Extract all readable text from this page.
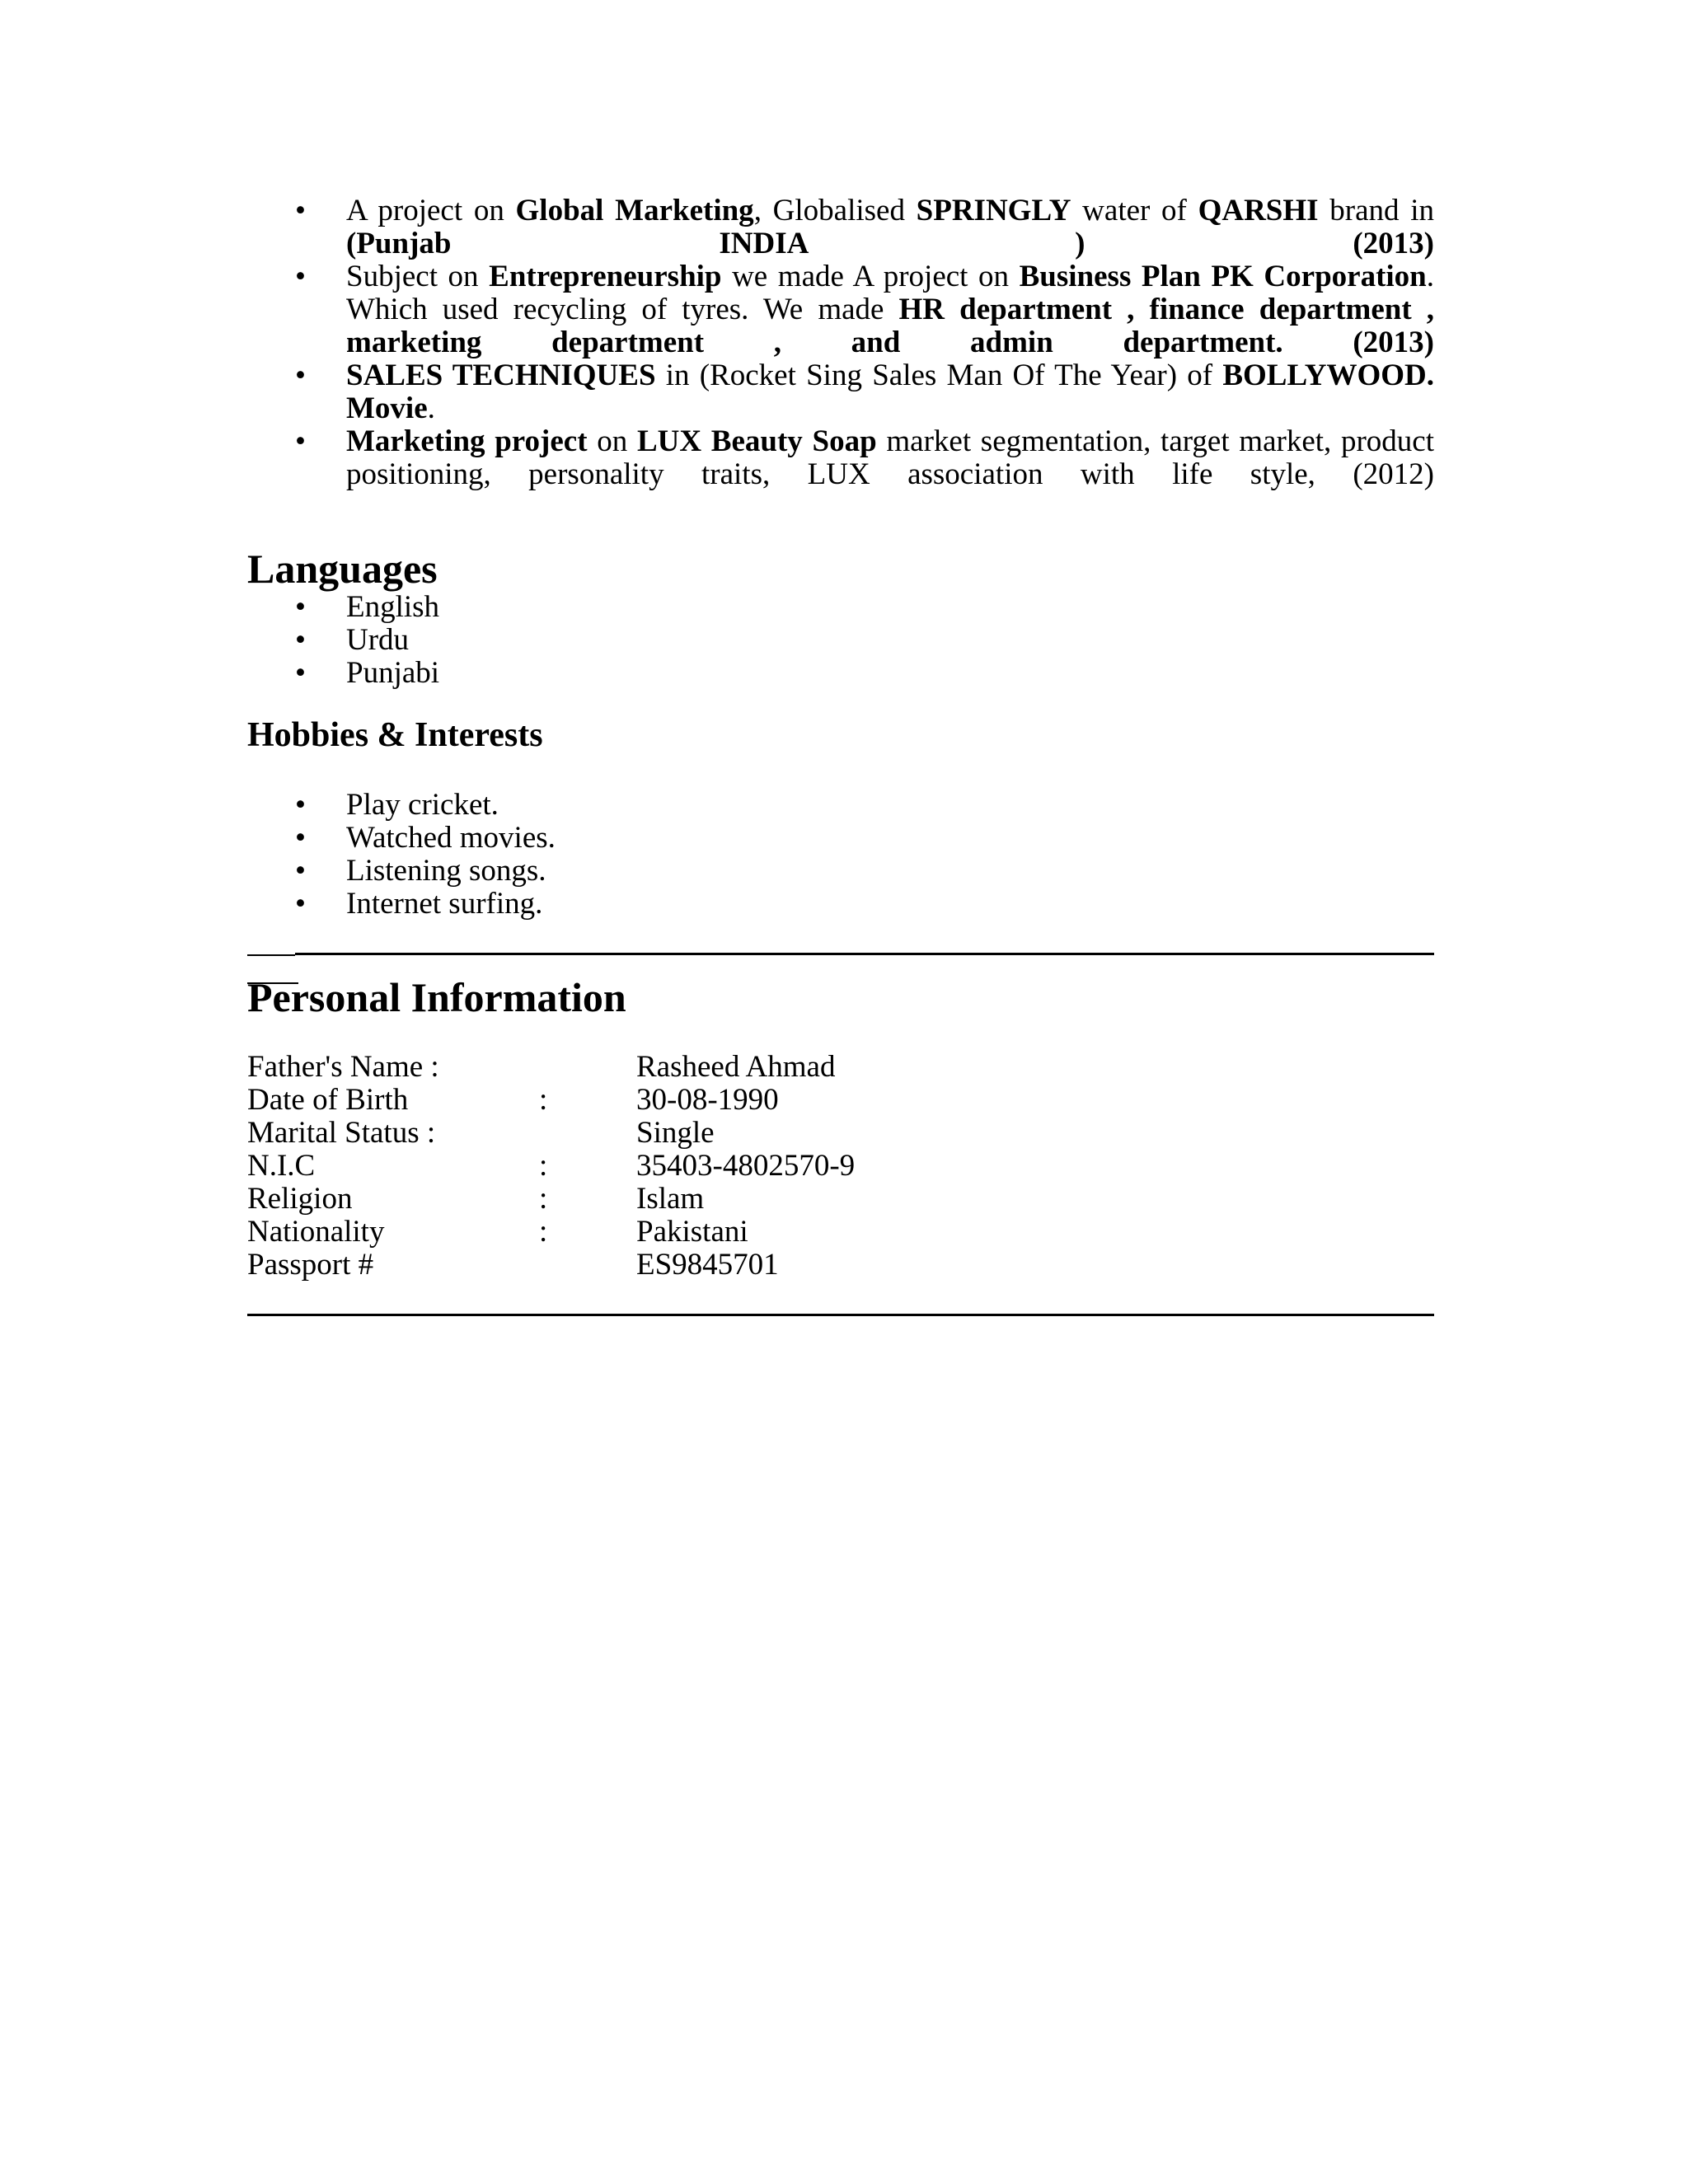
•	A project on Global Marketing, Globalised SPRINGLY water of QARSHI brand in (Punjab INDIA ) (2013)
•	Subject on Entrepreneurship we made A project on Business Plan PK Corporation. Which used recycling of tyres. We made HR department , finance department , marketing department , and admin department. (2013)
•	SALES TECHNIQUES in (Rocket Sing Sales Man Of The Year) of BOLLYWOOD. Movie.
•	Marketing project on LUX Beauty Soap market segmentation, target market, product positioning, personality traits, LUX association with life style, (2012)
Languages
•	English
•	Urdu
•	Punjabi
Hobbies & Interests
•	Play cricket.
•	Watched movies.
•	Listening songs.
•	Internet surfing.
Personal Information
Father's Name :	Rasheed Ahmad
Date of Birth	:	30-08-1990
Marital Status :	Single
N.I.C	:	35403-4802570-9
Religion	:	Islam
Nationality	:	Pakistani
Passport #	ES9845701
